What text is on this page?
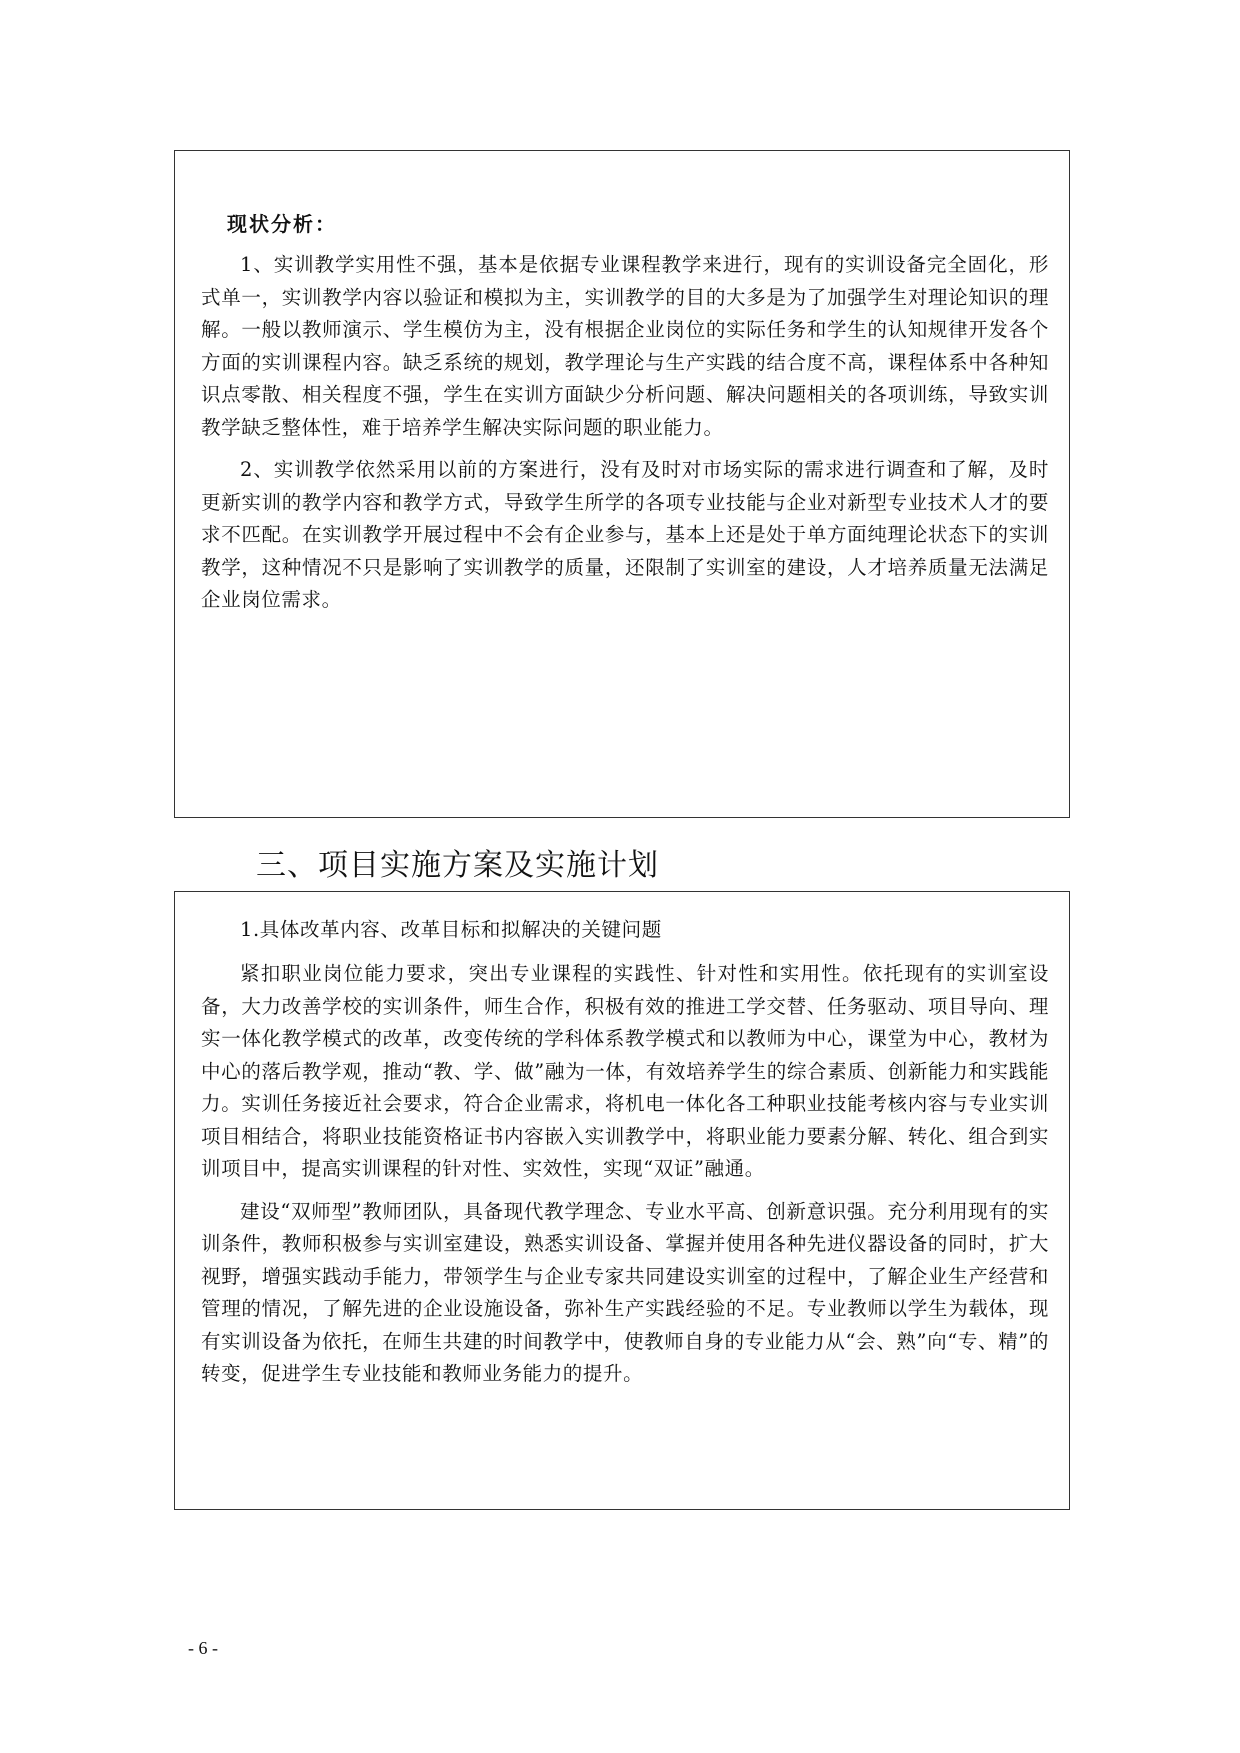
现状分析：

1、实训教学实用性不强，基本是依据专业课程教学来进行，现有的实训设备完全固化，形式单一，实训教学内容以验证和模拟为主，实训教学的目的大多是为了加强学生对理论知识的理解。一般以教师演示、学生模仿为主，没有根据企业岗位的实际任务和学生的认知规律开发各个方面的实训课程内容。缺乏系统的规划，教学理论与生产实践的结合度不高，课程体系中各种知识点零散、相关程度不强，学生在实训方面缺少分析问题、解决问题相关的各项训练，导致实训教学缺乏整体性，难于培养学生解决实际问题的职业能力。

2、实训教学依然采用以前的方案进行，没有及时对市场实际的需求进行调查和了解，及时更新实训的教学内容和教学方式，导致学生所学的各项专业技能与企业对新型专业技术人才的要求不匹配。在实训教学开展过程中不会有企业参与，基本上还是处于单方面纯理论状态下的实训教学，这种情况不只是影响了实训教学的质量，还限制了实训室的建设，人才培养质量无法满足企业岗位需求。

三、项目实施方案及实施计划
1.具体改革内容、改革目标和拟解决的关键问题

紧扣职业岗位能力要求，突出专业课程的实践性、针对性和实用性。依托现有的实训室设备，大力改善学校的实训条件，师生合作，积极有效的推进工学交替、任务驱动、项目导向、理实一体化教学模式的改革，改变传统的学科体系教学模式和以教师为中心，课堂为中心，教材为中心的落后教学观，推动“教、学、做”融为一体，有效培养学生的综合素质、创新能力和实践能力。实训任务接近社会要求，符合企业需求，将机电一体化各工种职业技能考核内容与专业实训项目相结合，将职业技能资格证书内容嵌入实训教学中，将职业能力要素分解、转化、组合到实训项目中，提高实训课程的针对性、实效性，实现“双证”融通。

建设“双师型”教师团队，具备现代教学理念、专业水平高、创新意识强。充分利用现有的实训条件，教师积极参与实训室建设，熟悉实训设备、掌握并使用各种先进仪器设备的同时，扩大视野，增强实践动手能力，带领学生与企业专家共同建设实训室的过程中，了解企业生产经营和管理的情况，了解先进的企业设施设备，弥补生产实践经验的不足。专业教师以学生为载体，现有实训设备为依托，在师生共建的时间教学中，使教师自身的专业能力从“会、熟”向“专、精”的转变，促进学生专业技能和教师业务能力的提升。

- 6 -
